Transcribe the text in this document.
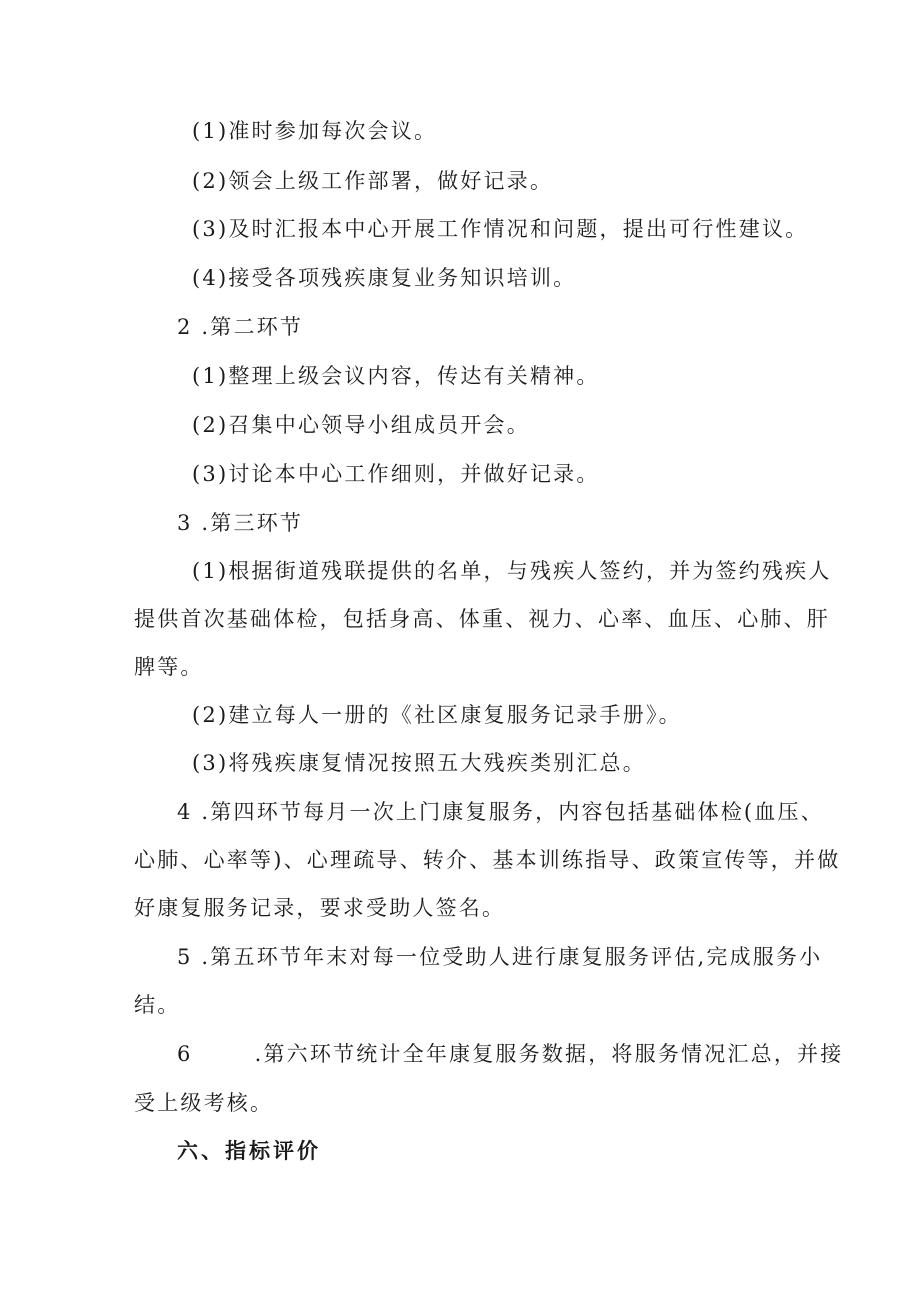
(1)准时参加每次会议。
(2)领会上级工作部署，做好记录。
(3)及时汇报本中心开展工作情况和问题，提出可行性建议。
(4)接受各项残疾康复业务知识培训。
2 .第二环节
(1)整理上级会议内容，传达有关精神。
(2)召集中心领导小组成员开会。
(3)讨论本中心工作细则，并做好记录。
3 .第三环节
(1)根据街道残联提供的名单，与残疾人签约，并为签约残疾人
提供首次基础体检，包括身高、体重、视力、心率、血压、心肺、肝
脾等。
(2)建立每人一册的《社区康复服务记录手册》。
(3)将残疾康复情况按照五大残疾类别汇总。
4 .第四环节每月一次上门康复服务，内容包括基础体检(血压、
心肺、心率等)、心理疏导、转介、基本训练指导、政策宣传等，并做
好康复服务记录，要求受助人签名。
5 .第五环节年末对每一位受助人进行康复服务评估,完成服务小
结。
6	.第六环节统计全年康复服务数据，将服务情况汇总，并接
受上级考核。
六、指标评价
